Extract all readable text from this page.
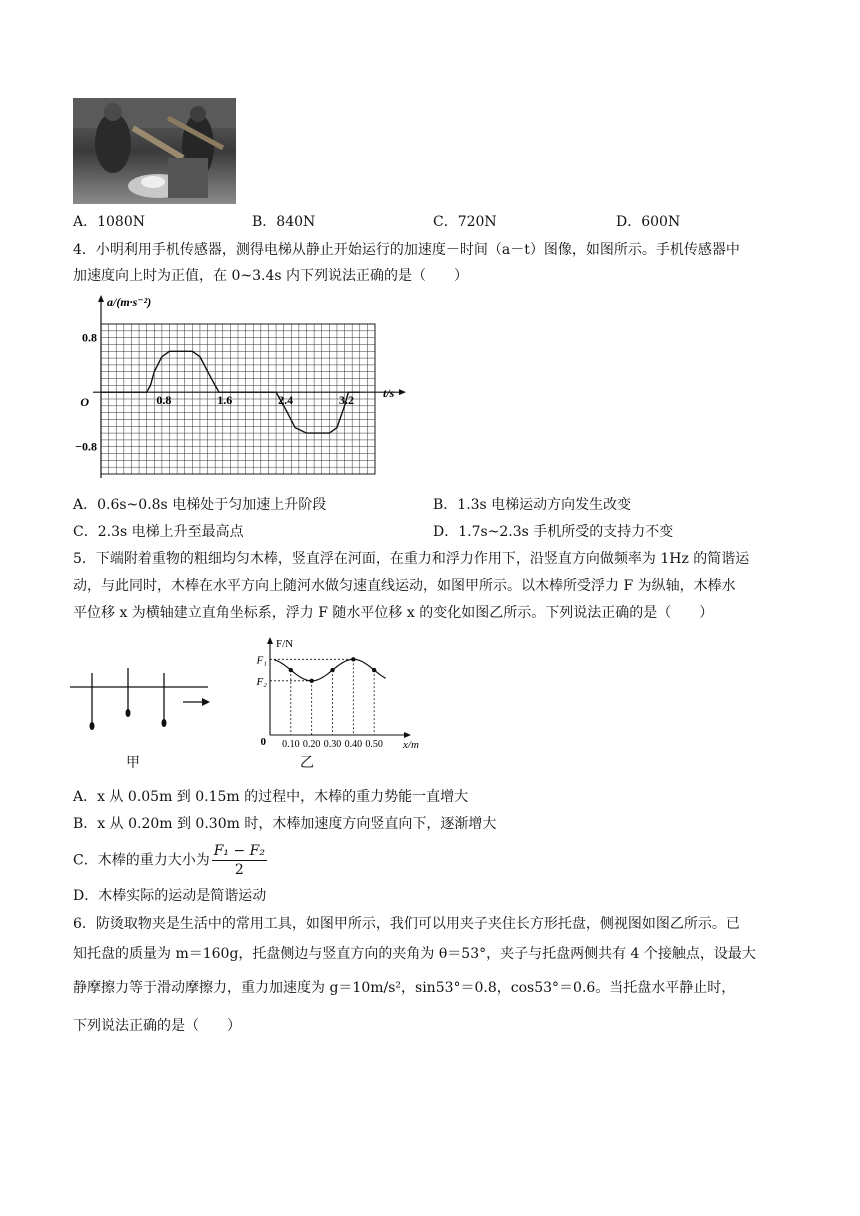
A．1080N	B．840N	C．720N	D．600N
4．小明利用手机传感器，测得电梯从静止开始运行的加速度－时间（a－t）图像，如图所示。手机传感器中
加速度向上时为正值，在 0~3.4s 内下列说法正确的是（　　）
a/(m·s⁻²)
t/s
O
0.8
−0.8
0.8	1.6	2.4	3.2
A．0.6s~0.8s 电梯处于匀加速上升阶段	B．1.3s 电梯运动方向发生改变
C．2.3s 电梯上升至最高点	D．1.7s~2.3s 手机所受的支持力不变
5．下端附着重物的粗细均匀木棒，竖直浮在河面，在重力和浮力作用下，沿竖直方向做频率为 1Hz 的简谐运
动，与此同时，木棒在水平方向上随河水做匀速直线运动，如图甲所示。以木棒所受浮力 F 为纵轴，木棒水
平位移 x 为横轴建立直角坐标系，浮力 F 随水平位移 x 的变化如图乙所示。下列说法正确的是（　　）
甲
F/N
x/m
0
F₁
F₂
0.10 0.20 0.30 0.40 0.50
乙
A．x 从 0.05m 到 0.15m 的过程中，木棒的重力势能一直增大
B．x 从 0.20m 到 0.30m 时，木棒加速度方向竖直向下，逐渐增大
C．木棒的重力大小为 $\frac{\text{F₁ − F₂}}{2}$
D．木棒实际的运动是简谐运动
6．防烫取物夹是生活中的常用工具，如图甲所示，我们可以用夹子夹住长方形托盘，侧视图如图乙所示。已
知托盘的质量为 m＝160g，托盘侧边与竖直方向的夹角为 θ＝53°，夹子与托盘两侧共有 4 个接触点，设最大
静摩擦力等于滑动摩擦力，重力加速度为 g＝10m/s²，sin53°＝0.8，cos53°＝0.6。当托盘水平静止时，
下列说法正确的是（　　）
